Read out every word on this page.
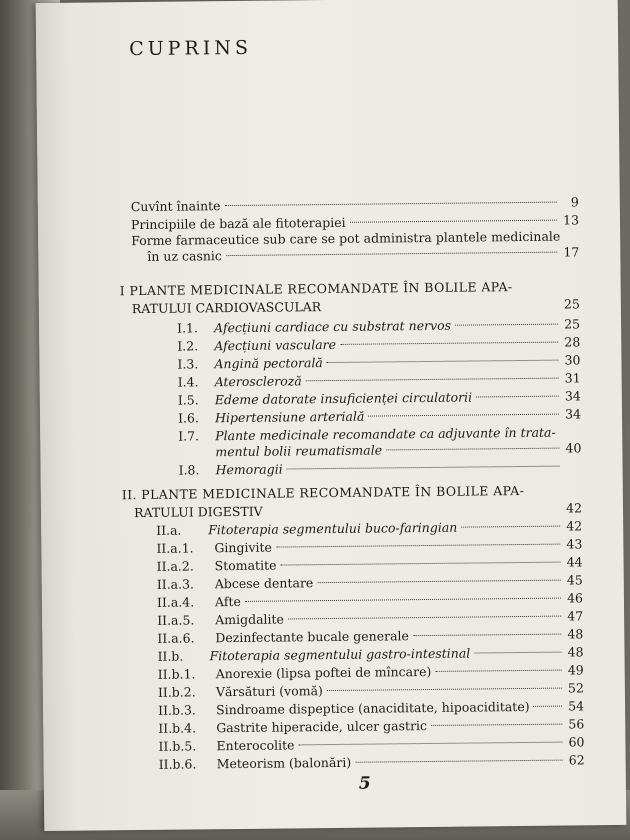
CUPRINS
Cuvînt înainte	9
Principiile de bază ale fitoterapiei	13
Forme farmaceutice sub care se pot administra plantele medicinale
în uz casnic	17
I PLANTE MEDICINALE RECOMANDATE ÎN BOLILE APA-
RATULUI CARDIOVASCULAR	25
I.1.	Afecțiuni cardiace cu substrat nervos	25
I.2.	Afecțiuni vasculare	28
I.3.	Angină pectorală	30
I.4.	Ateroscleroză	31
I.5.	Edeme datorate insuficienței circulatorii	34
I.6.	Hipertensiune arterială	34
I.7. Plante medicinale recomandate ca adjuvante în trata-
mentul bolii reumatismale	40
I.8.	Hemoragii
II. PLANTE MEDICINALE RECOMANDATE ÎN BOLILE APA-
RATULUI DIGESTIV	42
II.a.	Fitoterapia segmentului buco-faringian	42
II.a.1.	Gingivite	43
II.a.2.	Stomatite	44
II.a.3.	Abcese dentare	45
II.a.4.	Afte	46
II.a.5.	Amigdalite	47
II.a.6.	Dezinfectante bucale generale	48
II.b.	Fitoterapia segmentului gastro-intestinal	48
II.b.1.	Anorexie (lipsa poftei de mîncare)	49
II.b.2.	Vărsături (vomă)	52
II.b.3.	Sindroame dispeptice (anaciditate, hipoaciditate)	54
II.b.4.	Gastrite hiperacide, ulcer gastric	56
II.b.5.	Enterocolite	60
II.b.6.	Meteorism (balonări)	62
5
